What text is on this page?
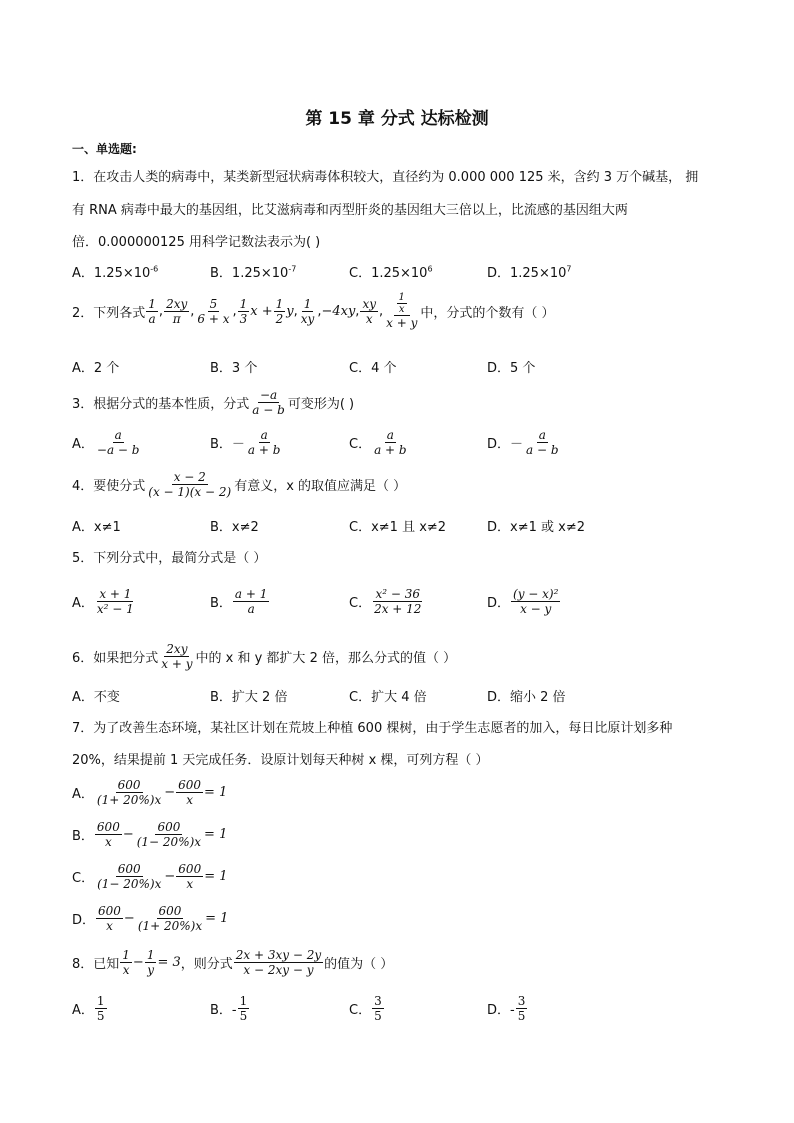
第 15 章 分式 达标检测
一、单选题:
1．在攻击人类的病毒中，某类新型冠状病毒体积较大，直径约为 0.000 000 125 米，含约 3 万个碱基， 拥
有 RNA 病毒中最大的基因组，比艾滋病毒和丙型肝炎的基因组大三倍以上，比流感的基因组大两
倍．0.000000125 用科学记数法表示为( )
A．$1.25\times 10^{-6}$	B．$1.25\times 10^{-7}$	C．$1.25\times 10^6$	D．$1.25\times 10^7$
2．下列各式 $\frac{1}{a}$ , $\frac{2xy}{\pi}$ , $\frac{5}{6 + x}$ , $\frac{1}{3}$ $x + \frac{1}{2}$ y , $\frac{1}{xy}$ , −4xy , $\frac{xy}{x}$ , $\frac{\frac{1}{x}}{x + y}$ 中，分式的个数有（ ）
A．2 个	B．3 个	C．4 个	D．5 个
3．根据分式的基本性质，分式 $\frac{-a}{a - b}$ 可变形为( )
A． $\frac{a}{-a - b}$	B．－ $\frac{a}{a + b}$	C． $\frac{a}{a + b}$	D．－ $\frac{a}{a - b}$
4．要使分式 $\frac{x - 2}{(x - 1)(x - 2)}$ 有意义，x 的取值应满足（ ）
A．x≠1	B．x≠2	C．x≠1 且 x≠2	D．x≠1 或 x≠2
5．下列分式中，最简分式是（ ）
A． $\frac{x + 1}{\text{x² − 1}}$	B． $\frac{a + 1}{a}$	C． $\frac{\text{x² − 36}}{2x + 12}$	D． $\frac{\text{(y − x)²}}{x - y}$
6．如果把分式 $\frac{2xy}{x + y}$ 中的 x 和 y 都扩大 2 倍，那么分式的值（ ）
A．不变	B．扩大 2 倍	C．扩大 4 倍	D．缩小 2 倍
7．为了改善生态环境，某社区计划在荒坡上种植 600 棵树，由于学生志愿者的加入，每日比原计划多种
20%，结果提前 1 天完成任务．设原计划每天种树 x 棵，可列方程（ ）
A． $\frac{600}{(1+ 20\%)x} - \frac{600}{x} = 1$
B． $\frac{600}{x} - \frac{600}{(1- 20\%)x} = 1$
C． $\frac{600}{(1- 20\%)x} - \frac{600}{x} = 1$
D． $\frac{600}{x} - \frac{600}{(1+ 20\%)x} = 1$
8．已知 $\frac{1}{x} - \frac{1}{y} = 3$ ，则分式 $\frac{2x + 3xy - 2y}{x - 2xy - y}$ 的值为（ ）
A． $\frac{1}{5}$	B．- $\frac{1}{5}$	C． $\frac{3}{5}$	D．- $\frac{3}{5}$
